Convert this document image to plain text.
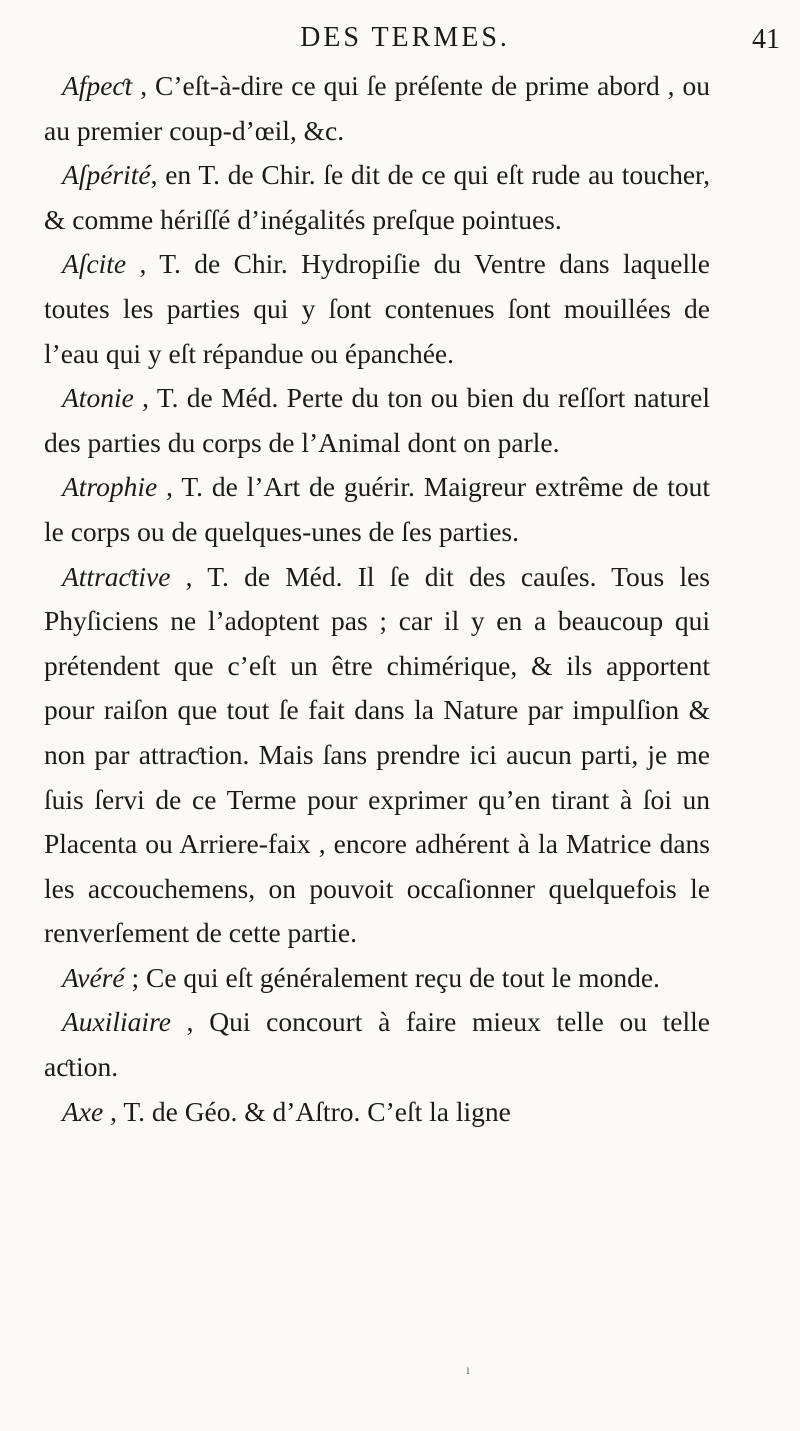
DES TERMES.	41

Afpeƈt , C’eſt-à-dire ce qui ſe préſente de prime abord , ou au premier coup-d’œil, &c.

Aſpérité, en T. de Chir. ſe dit de ce qui eſt rude au toucher, & comme hériſſé d’inégalités preſque pointues.

Aſcite , T. de Chir. Hydropiſie du Ventre dans laquelle toutes les parties qui y ſont contenues ſont mouillées de l’eau qui y eſt répandue ou épanchée.

Atonie , T. de Méd. Perte du ton ou bien du reſſort naturel des parties du corps de l’Animal dont on parle.

Atrophie , T. de l’Art de guérir. Maigreur extrême de tout le corps ou de quelques-unes de ſes parties.

Attraƈtive , T. de Méd. Il ſe dit des cauſes. Tous les Phyſiciens ne l’adoptent pas ; car il y en a beaucoup qui prétendent que c’eſt un être chimérique, & ils apportent pour raiſon que tout ſe fait dans la Nature par impulſion & non par attraƈtion. Mais ſans prendre ici aucun parti, je me ſuis ſervi de ce Terme pour exprimer qu’en tirant à ſoi un Placenta ou Arriere-faix , encore adhérent à la Matrice dans les accouchemens, on pouvoit occaſionner quelquefois le renverſement de cette partie.

Avéré ; Ce qui eſt généralement reçu de tout le monde.

Auxiliaire , Qui concourt à faire mieux telle ou telle aƈtion.

Axe , T. de Géo. & d’Aſtro. C’eſt la ligne

ı
